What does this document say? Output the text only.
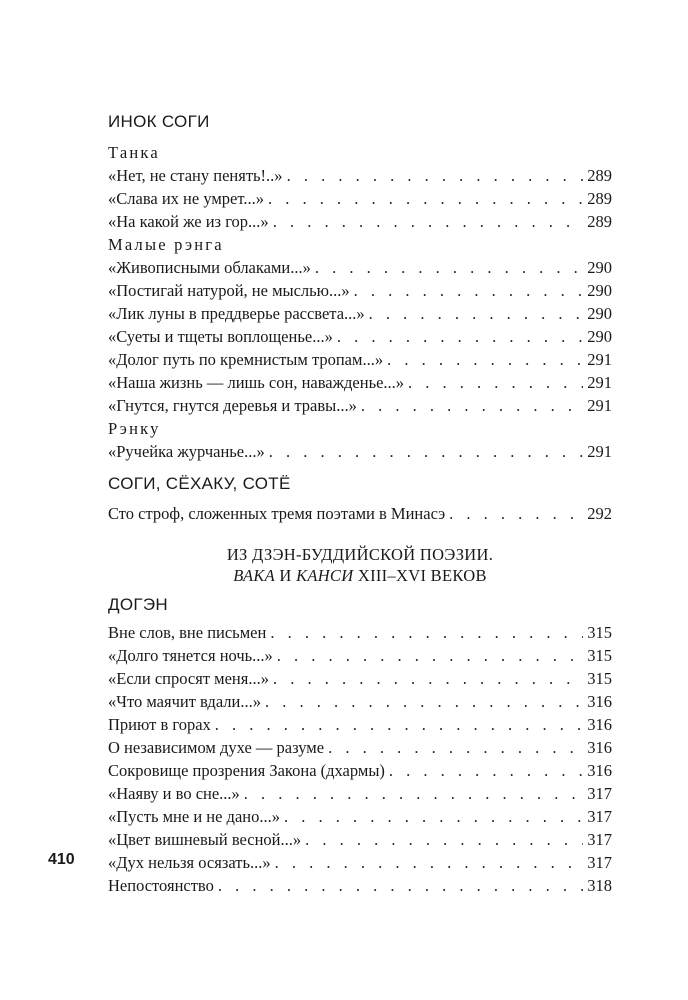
ИНОК СОГИ
Танка
«Нет, не стану пенять!..» . . .	289
«Слава их не умрет...» . . .	289
«На какой же из гор...» . . .	289
Малые рэнга
«Живописными облаками...» . . .	290
«Постигай натурой, не мыслью...» . . .	290
«Лик луны в преддверье рассвета...» . . .	290
«Суеты и тщеты воплощенье...» . . .	290
«Долог путь по кремнистым тропам...» . . .	291
«Наша жизнь — лишь сон, наважденье...» . . .	291
«Гнутся, гнутся деревья и травы...» . . .	291
Рэнку
«Ручейка журчанье...» . . .	291
СОГИ, СЁХАКУ, СОТЁ
Сто строф, сложенных тремя поэтами в Минасэ . . .	292
ИЗ ДЗЭН-БУДДИЙСКОЙ ПОЭЗИИ.
ВАКА И КАНСИ XIII–XVI ВЕКОВ
ДОГЭН
Вне слов, вне письмен . . .	315
«Долго тянется ночь...» . . .	315
«Если спросят меня...» . . .	315
«Что маячит вдали...» . . .	316
Приют в горах . . .	316
О независимом духе — разуме . . .	316
Сокровище прозрения Закона (дхармы) . . .	316
«Наяву и во сне...» . . .	317
«Пусть мне и не дано...» . . .	317
«Цвет вишневый весной...» . . .	317
«Дух нельзя осязать...» . . .	317
Непостоянство . . .	318
410
